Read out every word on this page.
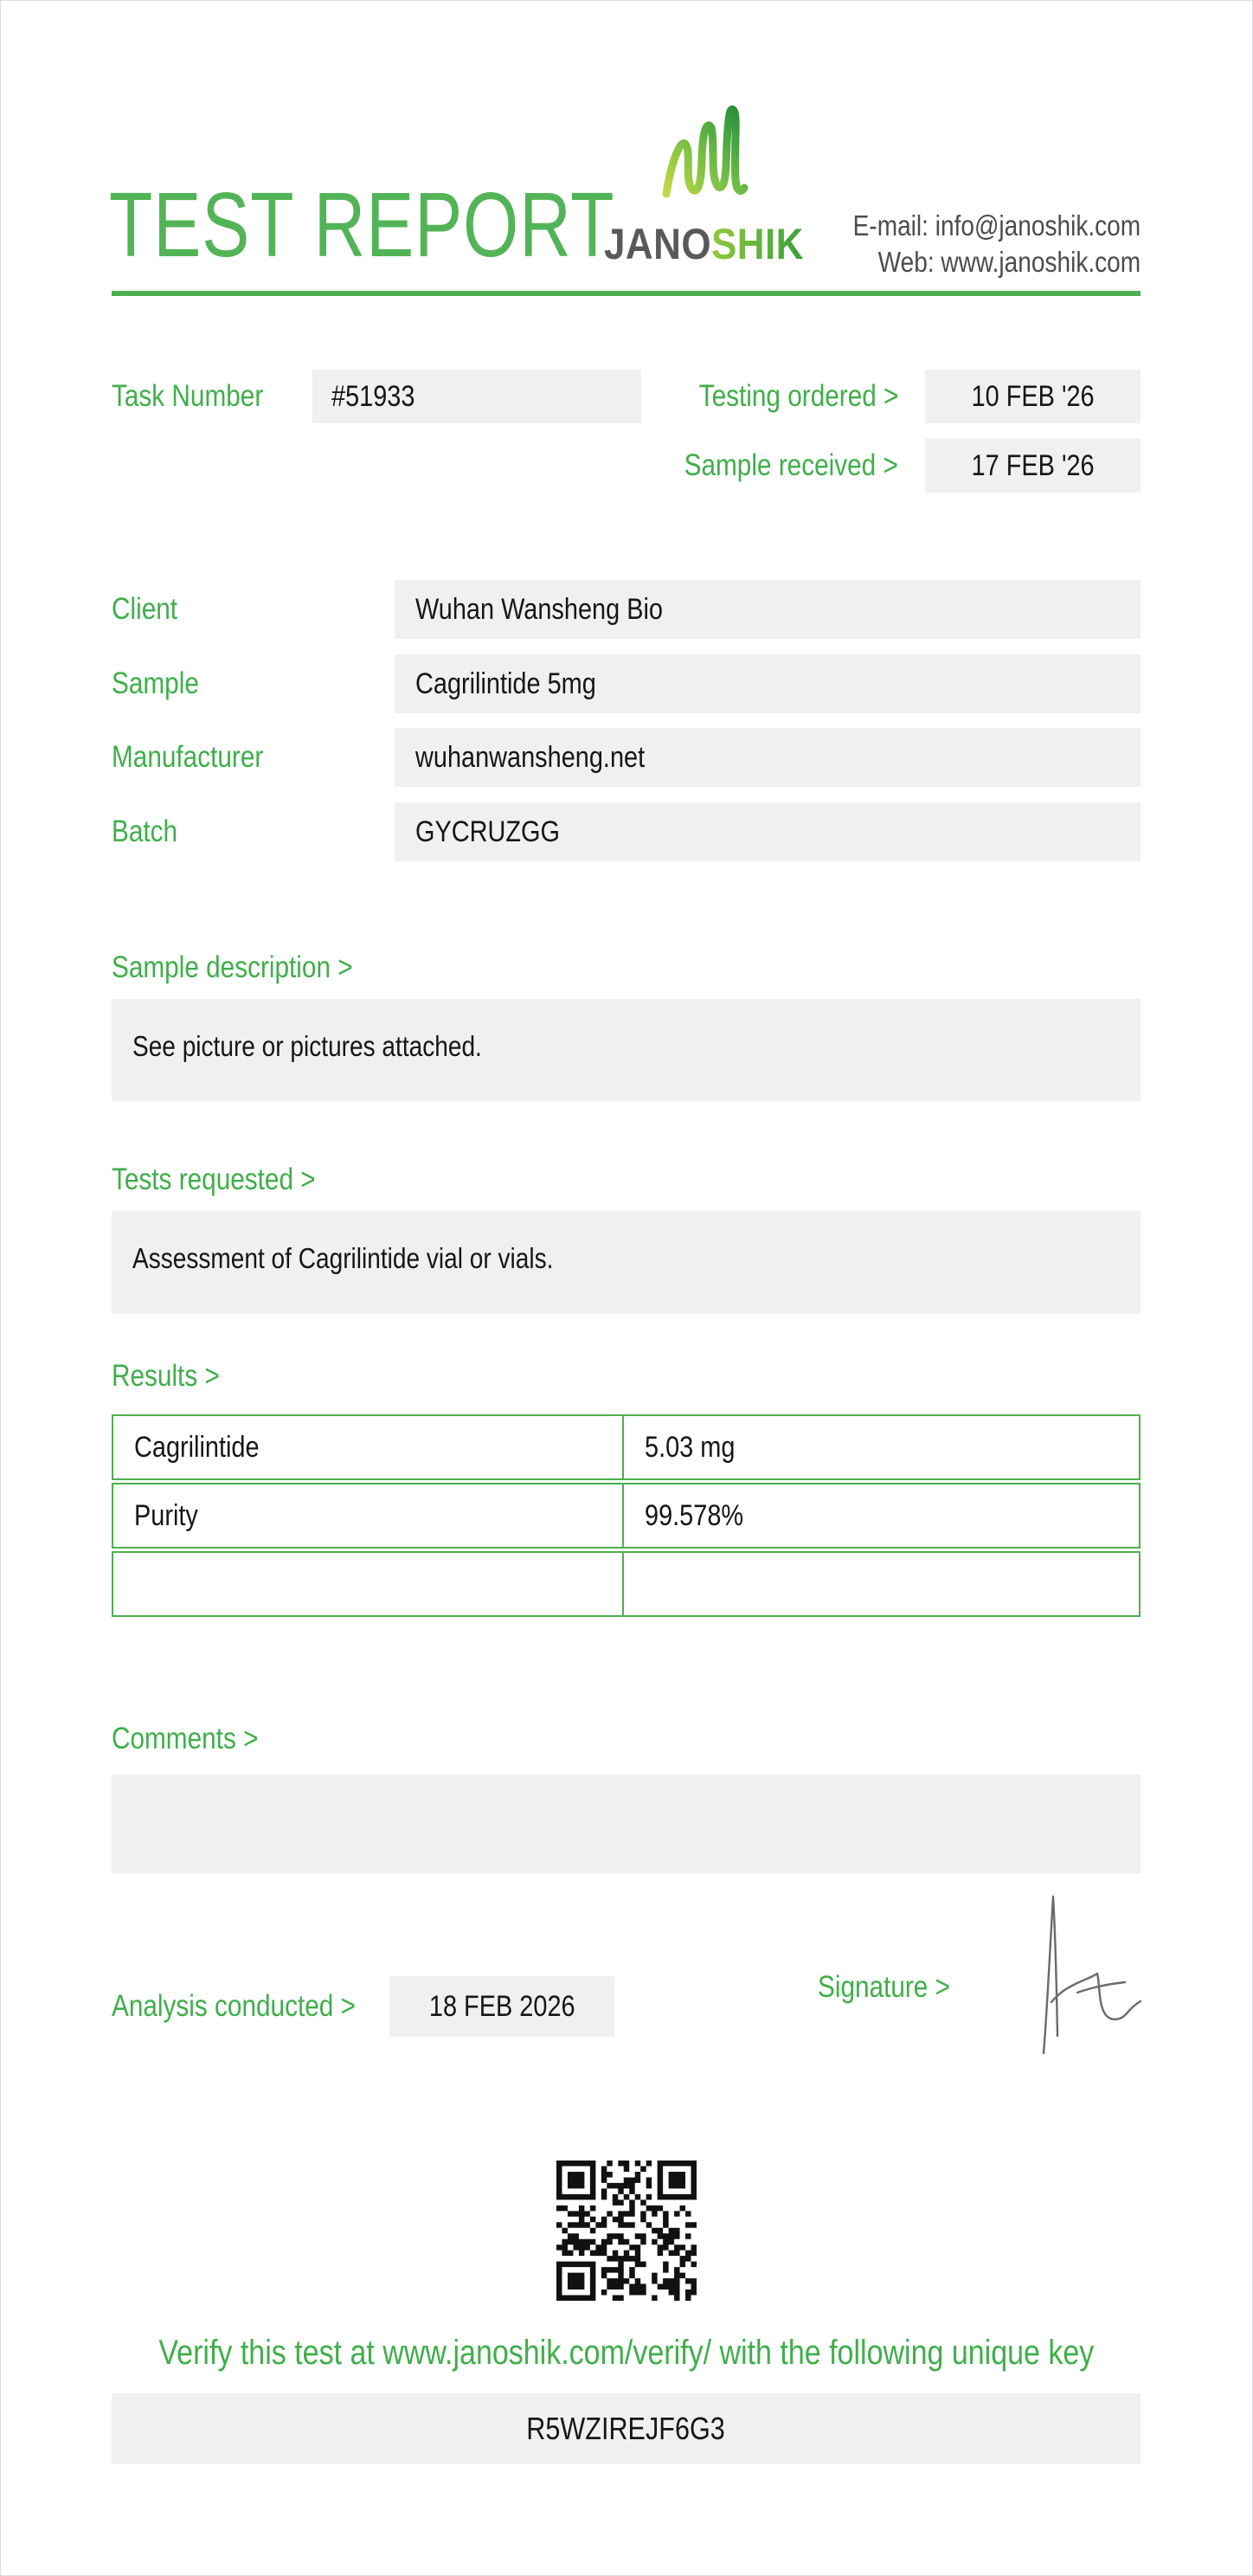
TEST REPORT
JANOSHIK E-mail: info@janoshik.com
Web: www.janoshik.com
Task Number #51933	Testing ordered > 10 FEB '26
Sample received > 17 FEB '26
Client	Wuhan Wansheng Bio
Sample	Cagrilintide 5mg
Manufacturer	wuhanwansheng.net
Batch	GYCRUZGG
Sample description >
See picture or pictures attached.
Tests requested >
Assessment of Cagrilintide vial or vials.
Results >
Cagrilintide	5.03 mg
Purity	99.578%
Comments >
Analysis conducted > 18 FEB 2026
Signature >
Verify this test at www.janoshik.com/verify/ with the following unique key
R5WZIREJF6G3
